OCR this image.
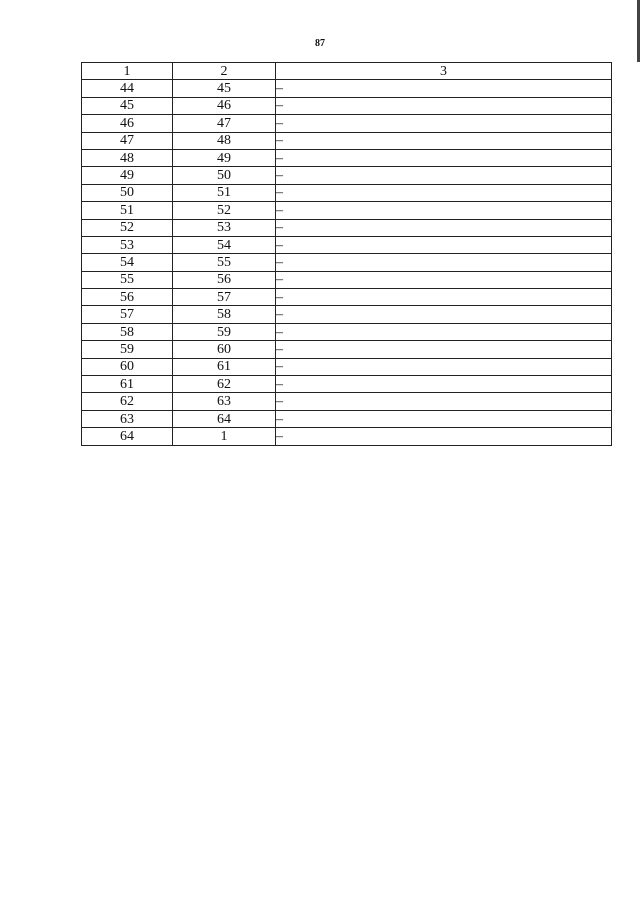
87
1	2	3
44	45	–
45	46	–
46	47	–
47	48	–
48	49	–
49	50	–
50	51	–
51	52	–
52	53	–
53	54	–
54	55	–
55	56	–
56	57	–
57	58	–
58	59	–
59	60	–
60	61	–
61	62	–
62	63	–
63	64	–
64	1	–
